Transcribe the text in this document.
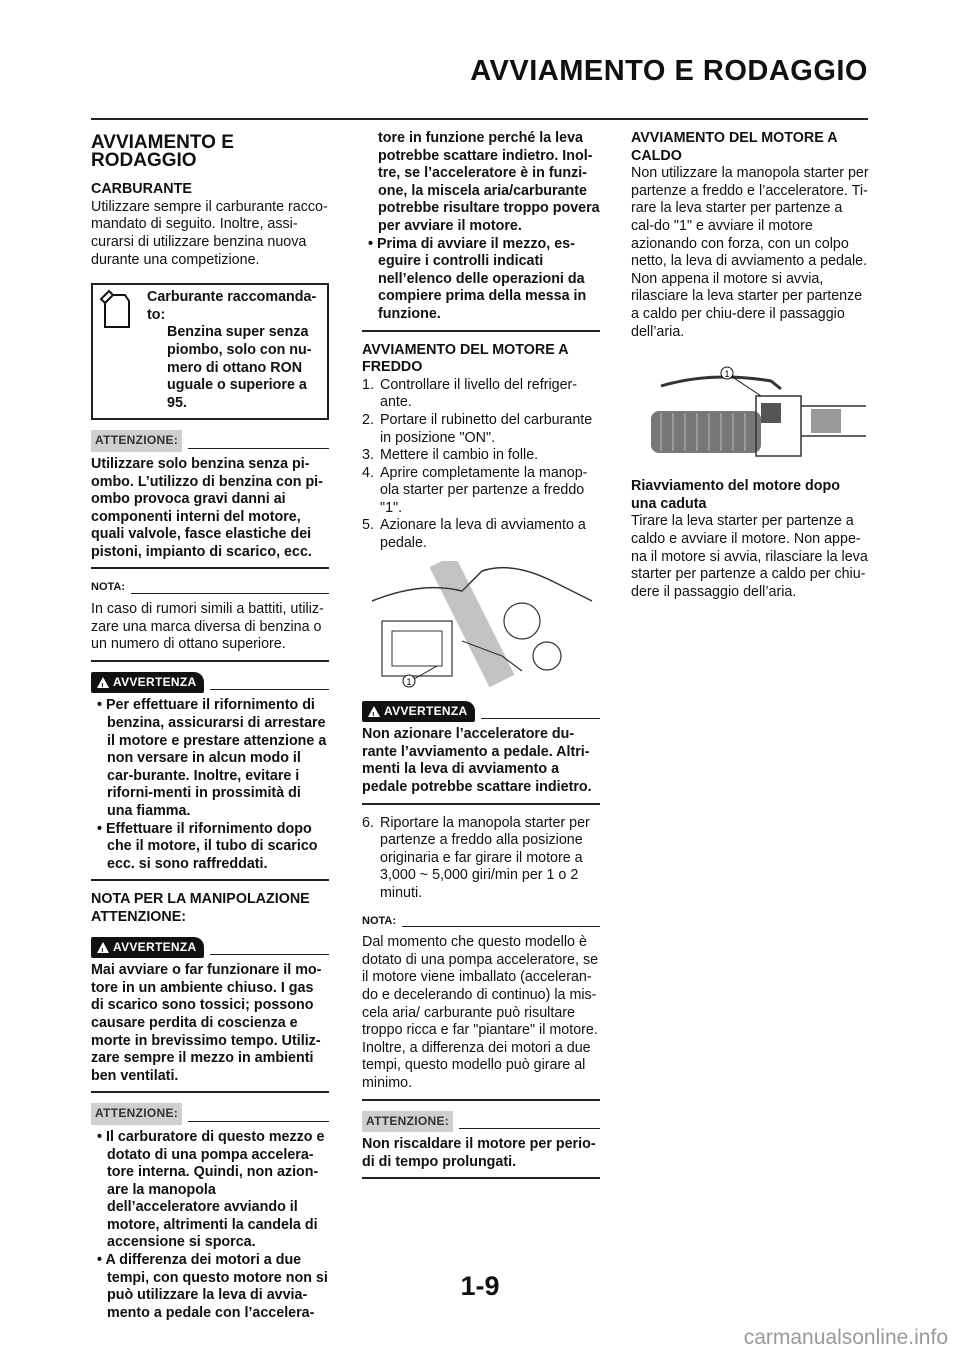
AVVIAMENTO E RODAGGIO
AVVIAMENTO E RODAGGIO

CARBURANTE

Utilizzare sempre il carburante racco-mandato di seguito. Inoltre, assi-curarsi di utilizzare benzina nuova durante una competizione.

Carburante raccomanda-to:
Benzina super senza piombo, solo con nu-mero di ottano RON uguale o superiore a 95.
ATTENZIONE:

Utilizzare solo benzina senza pi-ombo. L’utilizzo di benzina con pi-ombo provoca gravi danni ai componenti interni del motore, quali valvole, fasce elastiche dei pistoni, impianto di scarico, ecc.

NOTA:

In caso di rumori simili a battiti, utiliz-zare una marca diversa di benzina o un numero di ottano superiore.

!
AVVERTENZA
• Per effettuare il rifornimento di benzina, assicurarsi di arrestare il motore e prestare attenzione a non versare in alcun modo il car-burante. Inoltre, evitare i riforni-menti in prossimità di una fiamma.
• Effettuare il rifornimento dopo che il motore, il tubo di scarico ecc. si sono raffreddati.

NOTA PER LA MANIPOLAZIONE ATTENZIONE:

!
AVVERTENZA

Mai avviare o far funzionare il mo-tore in un ambiente chiuso. I gas di scarico sono tossici; possono causare perdita di coscienza e morte in brevissimo tempo. Utiliz-zare sempre il mezzo in ambienti ben ventilati.

ATTENZIONE:
• Il carburatore di questo mezzo e dotato di una pompa accelera-tore interna. Quindi, non azion-are la manopola dell’acceleratore avviando il motore, altrimenti la candela di accensione si sporca.
• A differenza dei motori a due tempi, con questo motore non si può utilizzare la leva di avvia-mento a pedale con l’accelera-

tore in funzione perché la leva potrebbe scattare indietro. Inol-tre, se l’acceleratore è in funzi-one, la miscela aria/carburante potrebbe risultare troppo povera per avviare il motore.

• Prima di avviare il mezzo, es-eguire i controlli indicati nell’elenco delle operazioni da compiere prima della messa in funzione.

AVVIAMENTO DEL MOTORE A FREDDO

1. Controllare il livello del refriger-ante.
2. Portare il rubinetto del carburante in posizione "ON".
3. Mettere il cambio in folle.
4. Aprire completamente la manop-ola starter per partenze a freddo "1".
5. Azionare la leva di avviamento a pedale.
1
!
AVVERTENZA

Non azionare l’acceleratore du-rante l’avviamento a pedale. Altri-menti la leva di avviamento a pedale potrebbe scattare indietro.

6. Riportare la manopola starter per partenze a freddo alla posizione originaria e far girare il motore a 3,000 ~ 5,000 giri/min per 1 o 2 minuti.
NOTA:

Dal momento che questo modello è dotato di una pompa acceleratore, se il motore viene imballato (acceleran-do e decelerando di continuo) la mis-cela aria/ carburante può risultare troppo ricca e far "piantare" il motore. Inoltre, a differenza dei motori a due tempi, questo modello può girare al minimo.

ATTENZIONE:

Non riscaldare il motore per perio-di di tempo prolungati.

AVVIAMENTO DEL MOTORE A CALDO

Non utilizzare la manopola starter per partenze a freddo e l’acceleratore. Ti-rare la leva starter per partenze a cal-do "1" e avviare il motore azionando con forza, con un colpo netto, la leva di avviamento a pedale. Non appena il motore si avvia, rilasciare la leva starter per partenze a caldo per chiu-dere il passaggio dell’aria.

1

Riavviamento del motore dopo una caduta

Tirare la leva starter per partenze a caldo e avviare il motore. Non appe-na il motore si avvia, rilasciare la leva starter per partenze a caldo per chiu-dere il passaggio dell’aria.

1-9
carmanualsonline.info
